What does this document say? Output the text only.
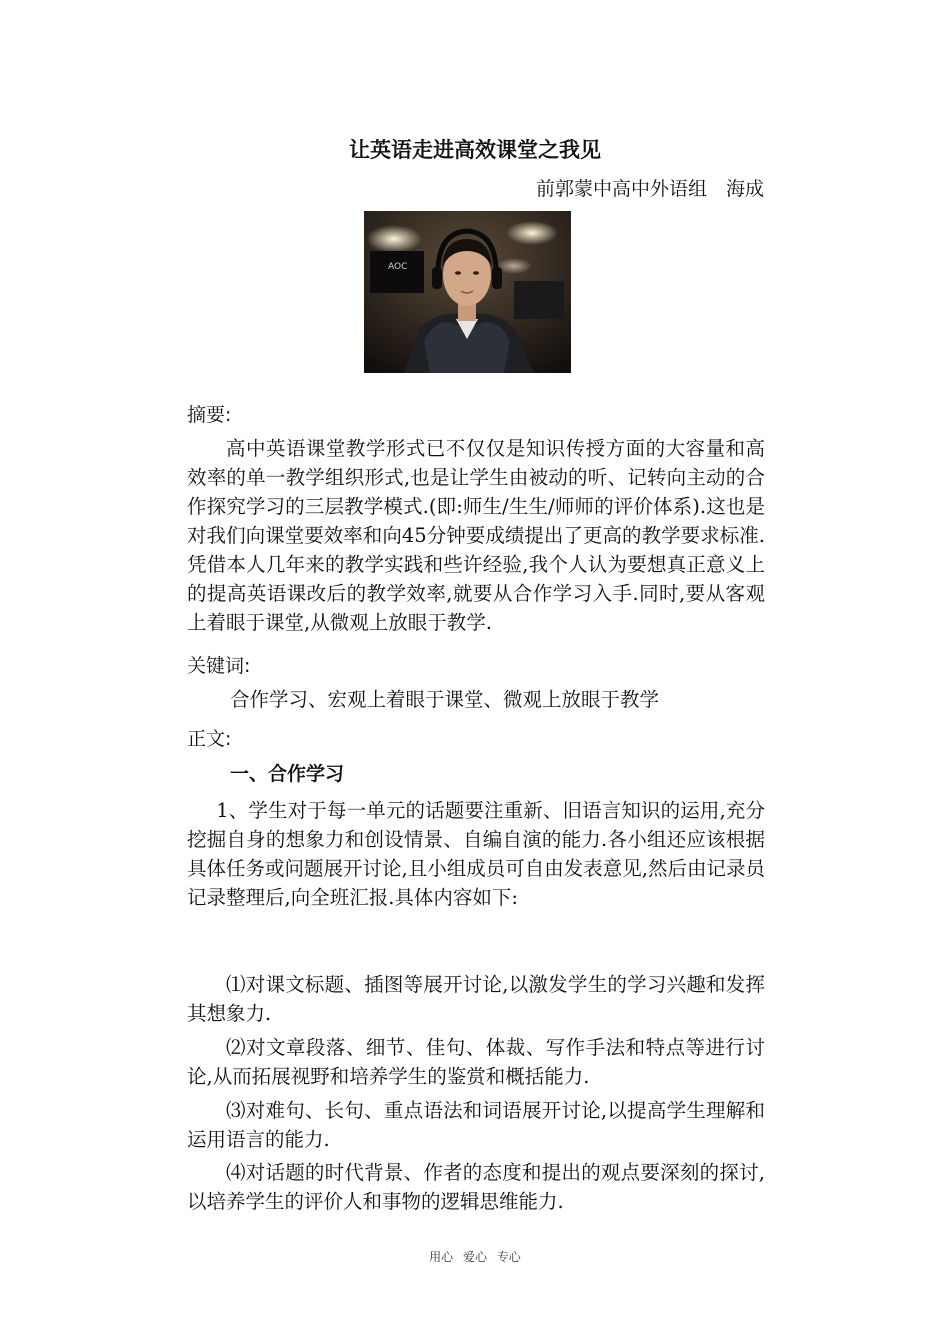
让英语走进高效课堂之我见
前郭蒙中高中外语组　海成
AOC
摘要:

高中英语课堂教学形式已不仅仅是知识传授方面的大容量和高效率的单一教学组织形式,也是让学生由被动的听、记转向主动的合作探究学习的三层教学模式.(即:师生/生生/师师的评价体系).这也是对我们向课堂要效率和向45分钟要成绩提出了更高的教学要求标准.凭借本人几年来的教学实践和些许经验,我个人认为要想真正意义上的提高英语课改后的教学效率,就要从合作学习入手.同时,要从客观上着眼于课堂,从微观上放眼于教学.

关键词:
合作学习、宏观上着眼于课堂、微观上放眼于教学
正文:
一、合作学习

1、学生对于每一单元的话题要注重新、旧语言知识的运用,充分挖掘自身的想象力和创设情景、自编自演的能力.各小组还应该根据具体任务或问题展开讨论,且小组成员可自由发表意见,然后由记录员记录整理后,向全班汇报.具体内容如下:

⑴对课文标题、插图等展开讨论,以激发学生的学习兴趣和发挥其想象力.

⑵对文章段落、细节、佳句、体裁、写作手法和特点等进行讨论,从而拓展视野和培养学生的鉴赏和概括能力.

⑶对难句、长句、重点语法和词语展开讨论,以提高学生理解和运用语言的能力.

⑷对话题的时代背景、作者的态度和提出的观点要深刻的探讨,以培养学生的评价人和事物的逻辑思维能力.

用心 爱心 专心
